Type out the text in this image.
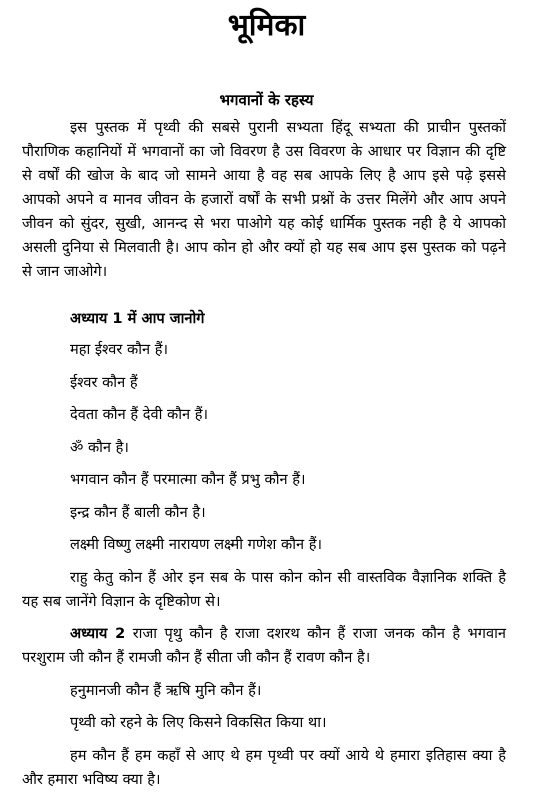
भूमिका
भगवानों के रहस्य

इस पुस्तक में पृथ्वी की सबसे पुरानी सभ्यता हिंदू सभ्यता की प्राचीन पुस्तकों पौराणिक कहानियों में भगवानों का जो विवरण है उस विवरण के आधार पर विज्ञान की दृष्टि से वर्षों की खोज के बाद जो सामने आया है वह सब आपके लिए है आप इसे पढ़े इससे आपको अपने व मानव जीवन के हजारों वर्षों के सभी प्रश्नों के उत्तर मिलेंगे और आप अपने जीवन को सुंदर, सुखी, आनन्द से भरा पाओगे यह कोई धार्मिक पुस्तक नही है ये आपको असली दुनिया से मिलवाती है। आप कोन हो और क्यों हो यह सब आप इस पुस्तक को पढ़ने से जान जाओगे।

अध्याय 1 में आप जानोगे

महा ईश्वर कौन हैं।

ईश्वर कौन हैं

देवता कौन हैं देवी कौन हैं।

ॐ कौन है।

भगवान कौन हैं परमात्मा कौन हैं प्रभु कौन हैं।

इन्द्र कौन हैं बाली कौन है।

लक्ष्मी विष्णु लक्ष्मी नारायण लक्ष्मी गणेश कौन हैं।

राहु केतु कोन हैं ओर इन सब के पास कोन कोन सी वास्तविक वैज्ञानिक शक्ति है यह सब जानेंगे विज्ञान के दृष्टिकोण से।

अध्याय 2 राजा पृथु कौन है राजा दशरथ कौन हैं राजा जनक कौन है भगवान परशुराम जी कौन हैं रामजी कौन हैं सीता जी कौन हैं रावण कौन है।

हनुमानजी कौन हैं ऋषि मुनि कौन हैं।

पृथ्वी को रहने के लिए किसने विकसित किया था।

हम कौन हैं हम कहाँ से आए थे हम पृथ्वी पर क्यों आये थे हमारा इतिहास क्या है और हमारा भविष्य क्या है।
